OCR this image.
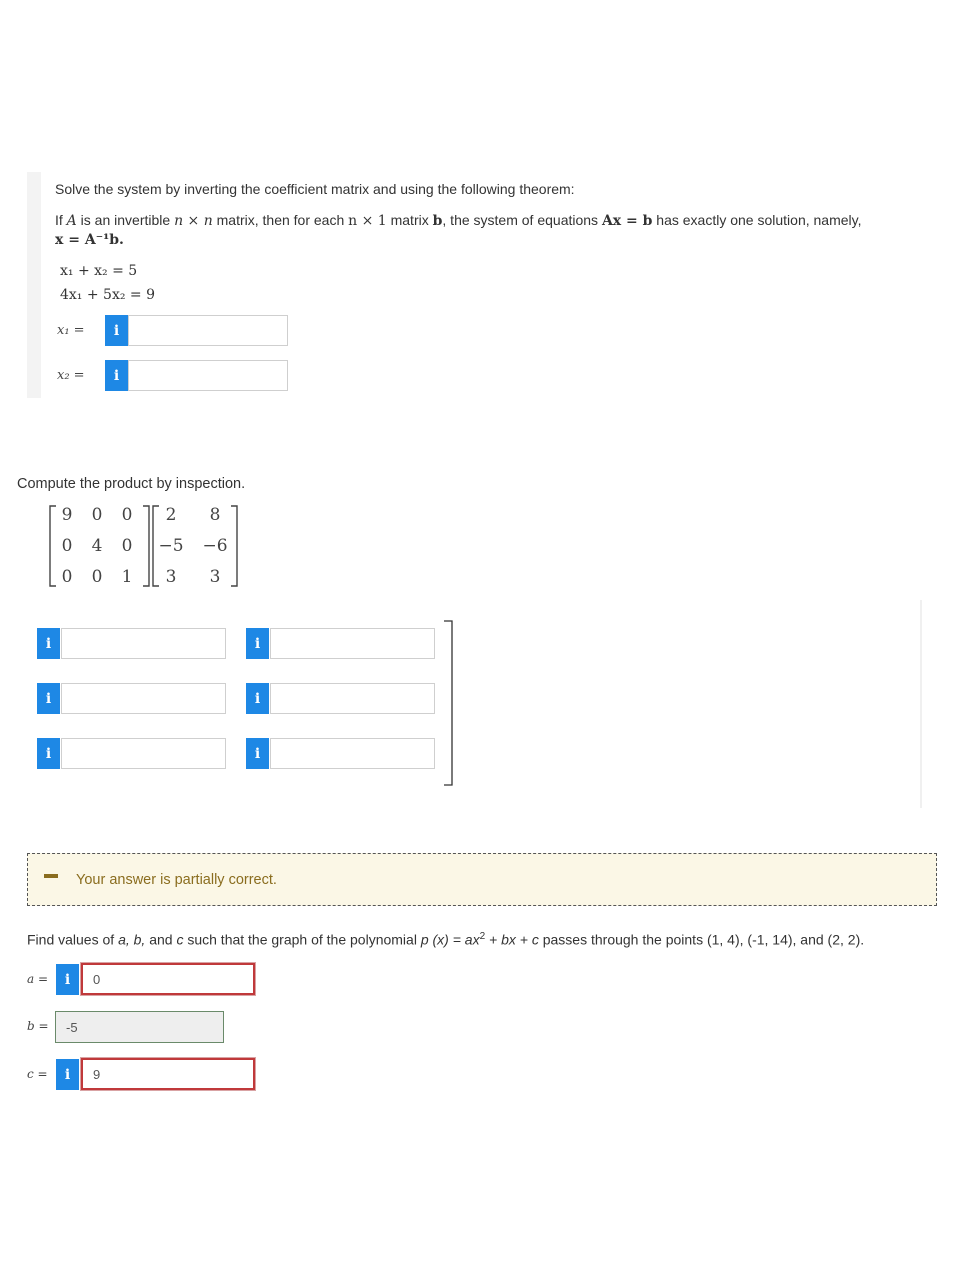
Solve the system by inverting the coefficient matrix and using the following theorem:
If A is an invertible n × n matrix, then for each n × 1 matrix b, the system of equations Ax = b has exactly one solution, namely,
x = A⁻¹b.
x₁ + x₂ = 5
4x₁ + 5x₂ = 9
x₁ = i
x₂ = i
Compute the product by inspection.
9	0	0
0	4	0
0	0	1
2	8
−5	−6
3	3
i	i
i	i
i	i
Your answer is partially correct.
Find values of a, b, and c such that the graph of the polynomial p $(x) = ax^2$ + bx + c passes through the points (1, 4), (-1, 14), and (2, 2).
a = i	0
b =	-5
c = i	9
